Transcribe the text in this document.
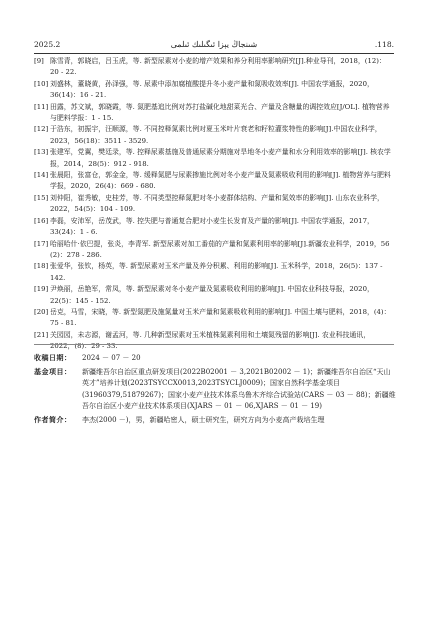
2025.2	شىنجاڭ يېزا ئىگىلىك ئىلمى	.118.
[9] 陈雪青，郭晓启，吕玉虎，等. 新型尿素对小麦的增产效果和养分利用率影响研究[J].种业导刊，2018，(12)：20 - 22.
[10] 刘盛林，董晓黄，孙泽强，等. 尿素中添加腐植酸提升冬小麦产量和氮吸收效率[J]. 中国农学通报，2020，36(14)：16 - 21.
[11] 田露，苏文斌，郭晓霞，等. 氮肥基追比例对苏打盐碱化地甜菜光合、产量及含糖量的调控效应[J/OL]. 植物营养与肥料学报：1 - 15.
[12] 于浩东，初振宇，汪顺源，等. 不同控释氮素比例对夏玉米叶片衰老和籽粒灌浆特性的影响[J].中国农业科学，2023，56(18)：3511 - 3529.
[13] 张建军，党翼，樊廷录，等. 控释尿素基施及普通尿素分期施对旱地冬小麦产量和水分利用效率的影响[J]. 核农学报，2014，28(5)：912 - 918.
[14] 张晨阳，张富仓，郭金金，等. 缓释氮肥与尿素掺施比例对冬小麦产量及氮素吸收利用的影响[J]. 植物营养与肥料学报，2020，26(4)：669 - 680.
[15] 刘仲阳，崔秀敏，史桂芳，等. 不同类型控释氮肥对冬小麦群体结构、产量和氮效率的影响[J]. 山东农业科学，2022，54(5)：104 - 109.
[16] 李磊，安沛军，岳茂武，等. 控失肥与普通复合肥对小麦生长发育及产量的影响[J]. 中国农学通报，2017，33(24)：1 - 6.
[17] 哈丽哈什·依巴提，张炎，李青军. 新型尿素对加工番茄的产量和氮素利用率的影响[J].新疆农业科学，2019，56 (2)：278 - 286.
[18] 张爱华，张钦，杨英，等. 新型尿素对玉米产量及养分积累、利用的影响[J]. 玉米科学，2018，26(5)：137 - 142.
[19] 尹焕丽，岳艳军，常凤，等. 新型尿素对冬小麦产量及氮素吸收利用的影响[J]. 中国农业科技导报，2020，22(5)：145 - 152.
[20] 岳克，马雪，宋晓，等. 新型氮肥及施氮量对玉米产量和氮素吸收利用的影响[J]. 中国土壤与肥料，2018，(4)：75 - 81.
[21] 关园园，未志源，谢孟河，等. 几种新型尿素对玉米植株氮素利用和土壤氮残留的影响[J]. 农业科技通讯，2022，(8)：29 - 33.
收稿日期：	2024 － 07 － 20
基金项目：	新疆维吾尔自治区重点研发项目(2022B02001 － 3,2021B02002 － 1)；新疆维吾尔自治区“天山英才”培养计划(2023TSYCCX0013,2023TSYCLJ0009)；国家自然科学基金项目(31960379,51879267)；国家小麦产业技术体系乌鲁木齐综合试验站(CARS － 03 － 88)；新疆维吾尔自治区小麦产业技术体系项目(XJARS － 01 － 06,XJARS － 01 － 19)
作者简介：	李杰(2000 －)，男，新疆哈密人，硕士研究生，研究方向为小麦高产栽培生理
